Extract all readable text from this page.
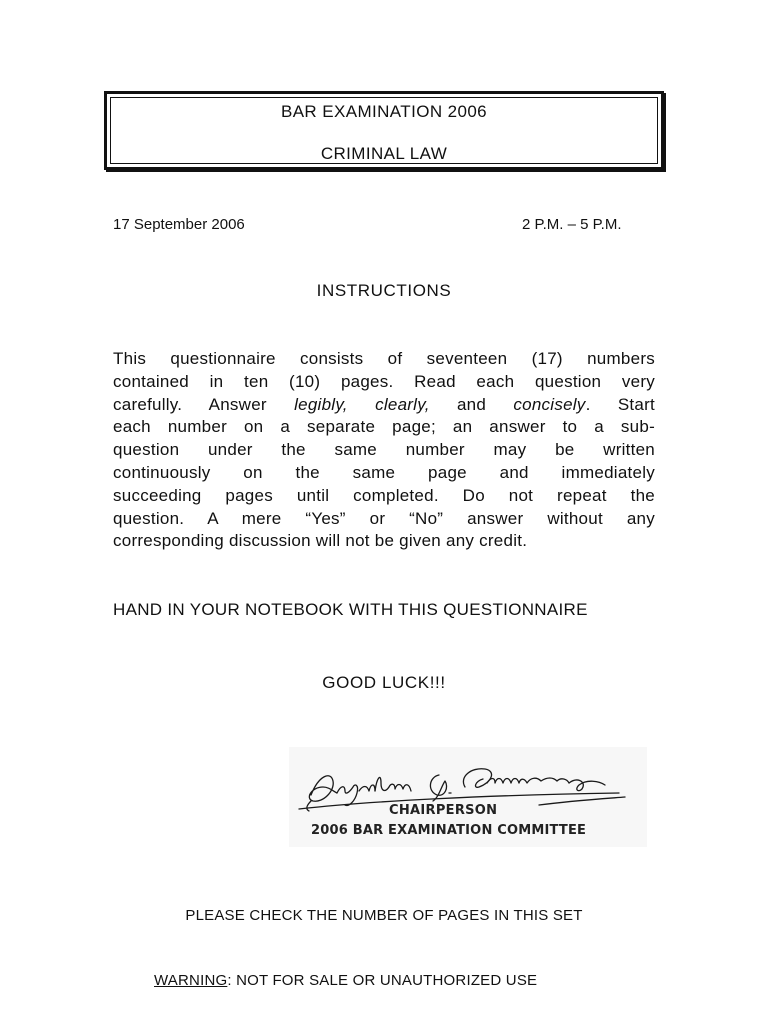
BAR EXAMINATION 2006
CRIMINAL LAW
17 September 2006	2 P.M. – 5 P.M.
INSTRUCTIONS
This questionnaire consists of seventeen (17) numbers
contained in ten (10) pages. Read each question very
carefully. Answer legibly, clearly, and concisely. Start
each number on a separate page; an answer to a sub-
question under the same number may be written
continuously on the same page and immediately
succeeding pages until completed. Do not repeat the
question. A mere “Yes” or “No” answer without any
corresponding discussion will not be given any credit.
HAND IN YOUR NOTEBOOK WITH THIS QUESTIONNAIRE
GOOD LUCK!!!
CHAIRPERSON
2006 BAR EXAMINATION COMMITTEE
PLEASE CHECK THE NUMBER OF PAGES IN THIS SET
WARNING: NOT FOR SALE OR UNAUTHORIZED USE
